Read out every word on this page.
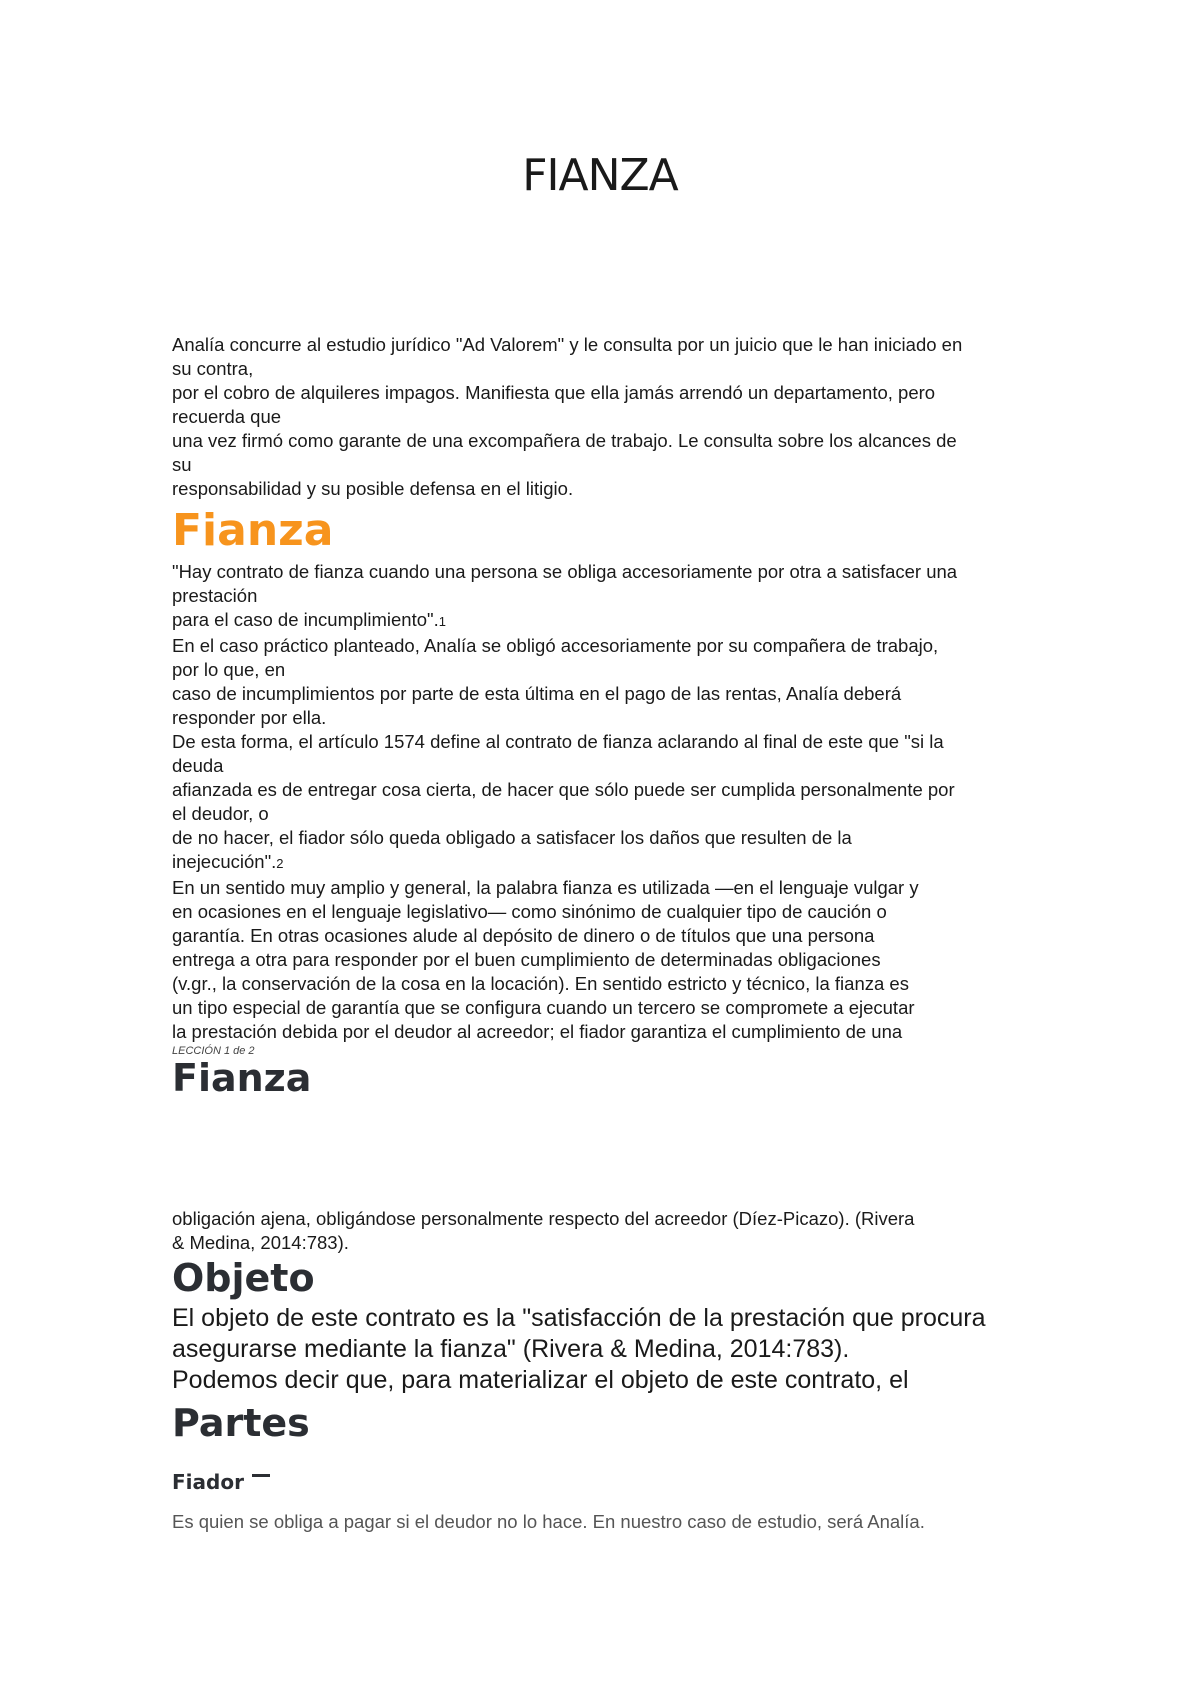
FIANZA

Analía concurre al estudio jurídico "Ad Valorem" y le consulta por un juicio que le han iniciado en

su contra,

por el cobro de alquileres impagos. Manifiesta que ella jamás arrendó un departamento, pero

recuerda que

una vez firmó como garante de una excompañera de trabajo. Le consulta sobre los alcances de

su

responsabilidad y su posible defensa en el litigio.

Fianza

"Hay contrato de fianza cuando una persona se obliga accesoriamente por otra a satisfacer una

prestación

para el caso de incumplimiento".1

En el caso práctico planteado, Analía se obligó accesoriamente por su compañera de trabajo,

por lo que, en

caso de incumplimientos por parte de esta última en el pago de las rentas, Analía deberá

responder por ella.

De esta forma, el artículo 1574 define al contrato de fianza aclarando al final de este que "si la

deuda

afianzada es de entregar cosa cierta, de hacer que sólo puede ser cumplida personalmente por

el deudor, o

de no hacer, el fiador sólo queda obligado a satisfacer los daños que resulten de la

inejecución".2

En un sentido muy amplio y general, la palabra fianza es utilizada —en el lenguaje vulgar y

en ocasiones en el lenguaje legislativo— como sinónimo de cualquier tipo de caución o

garantía. En otras ocasiones alude al depósito de dinero o de títulos que una persona

entrega a otra para responder por el buen cumplimiento de determinadas obligaciones

(v.gr., la conservación de la cosa en la locación). En sentido estricto y técnico, la fianza es

un tipo especial de garantía que se configura cuando un tercero se compromete a ejecutar

la prestación debida por el deudor al acreedor; el fiador garantiza el cumplimiento de una

LECCIÓN 1 de 2

Fianza

obligación ajena, obligándose personalmente respecto del acreedor (Díez-Picazo). (Rivera

& Medina, 2014:783).

Objeto

El objeto de este contrato es la "satisfacción de la prestación que procura

asegurarse mediante la fianza" (Rivera & Medina, 2014:783).

Podemos decir que, para materializar el objeto de este contrato, el

Partes

Fiador

Es quien se obliga a pagar si el deudor no lo hace. En nuestro caso de estudio, será Analía.
